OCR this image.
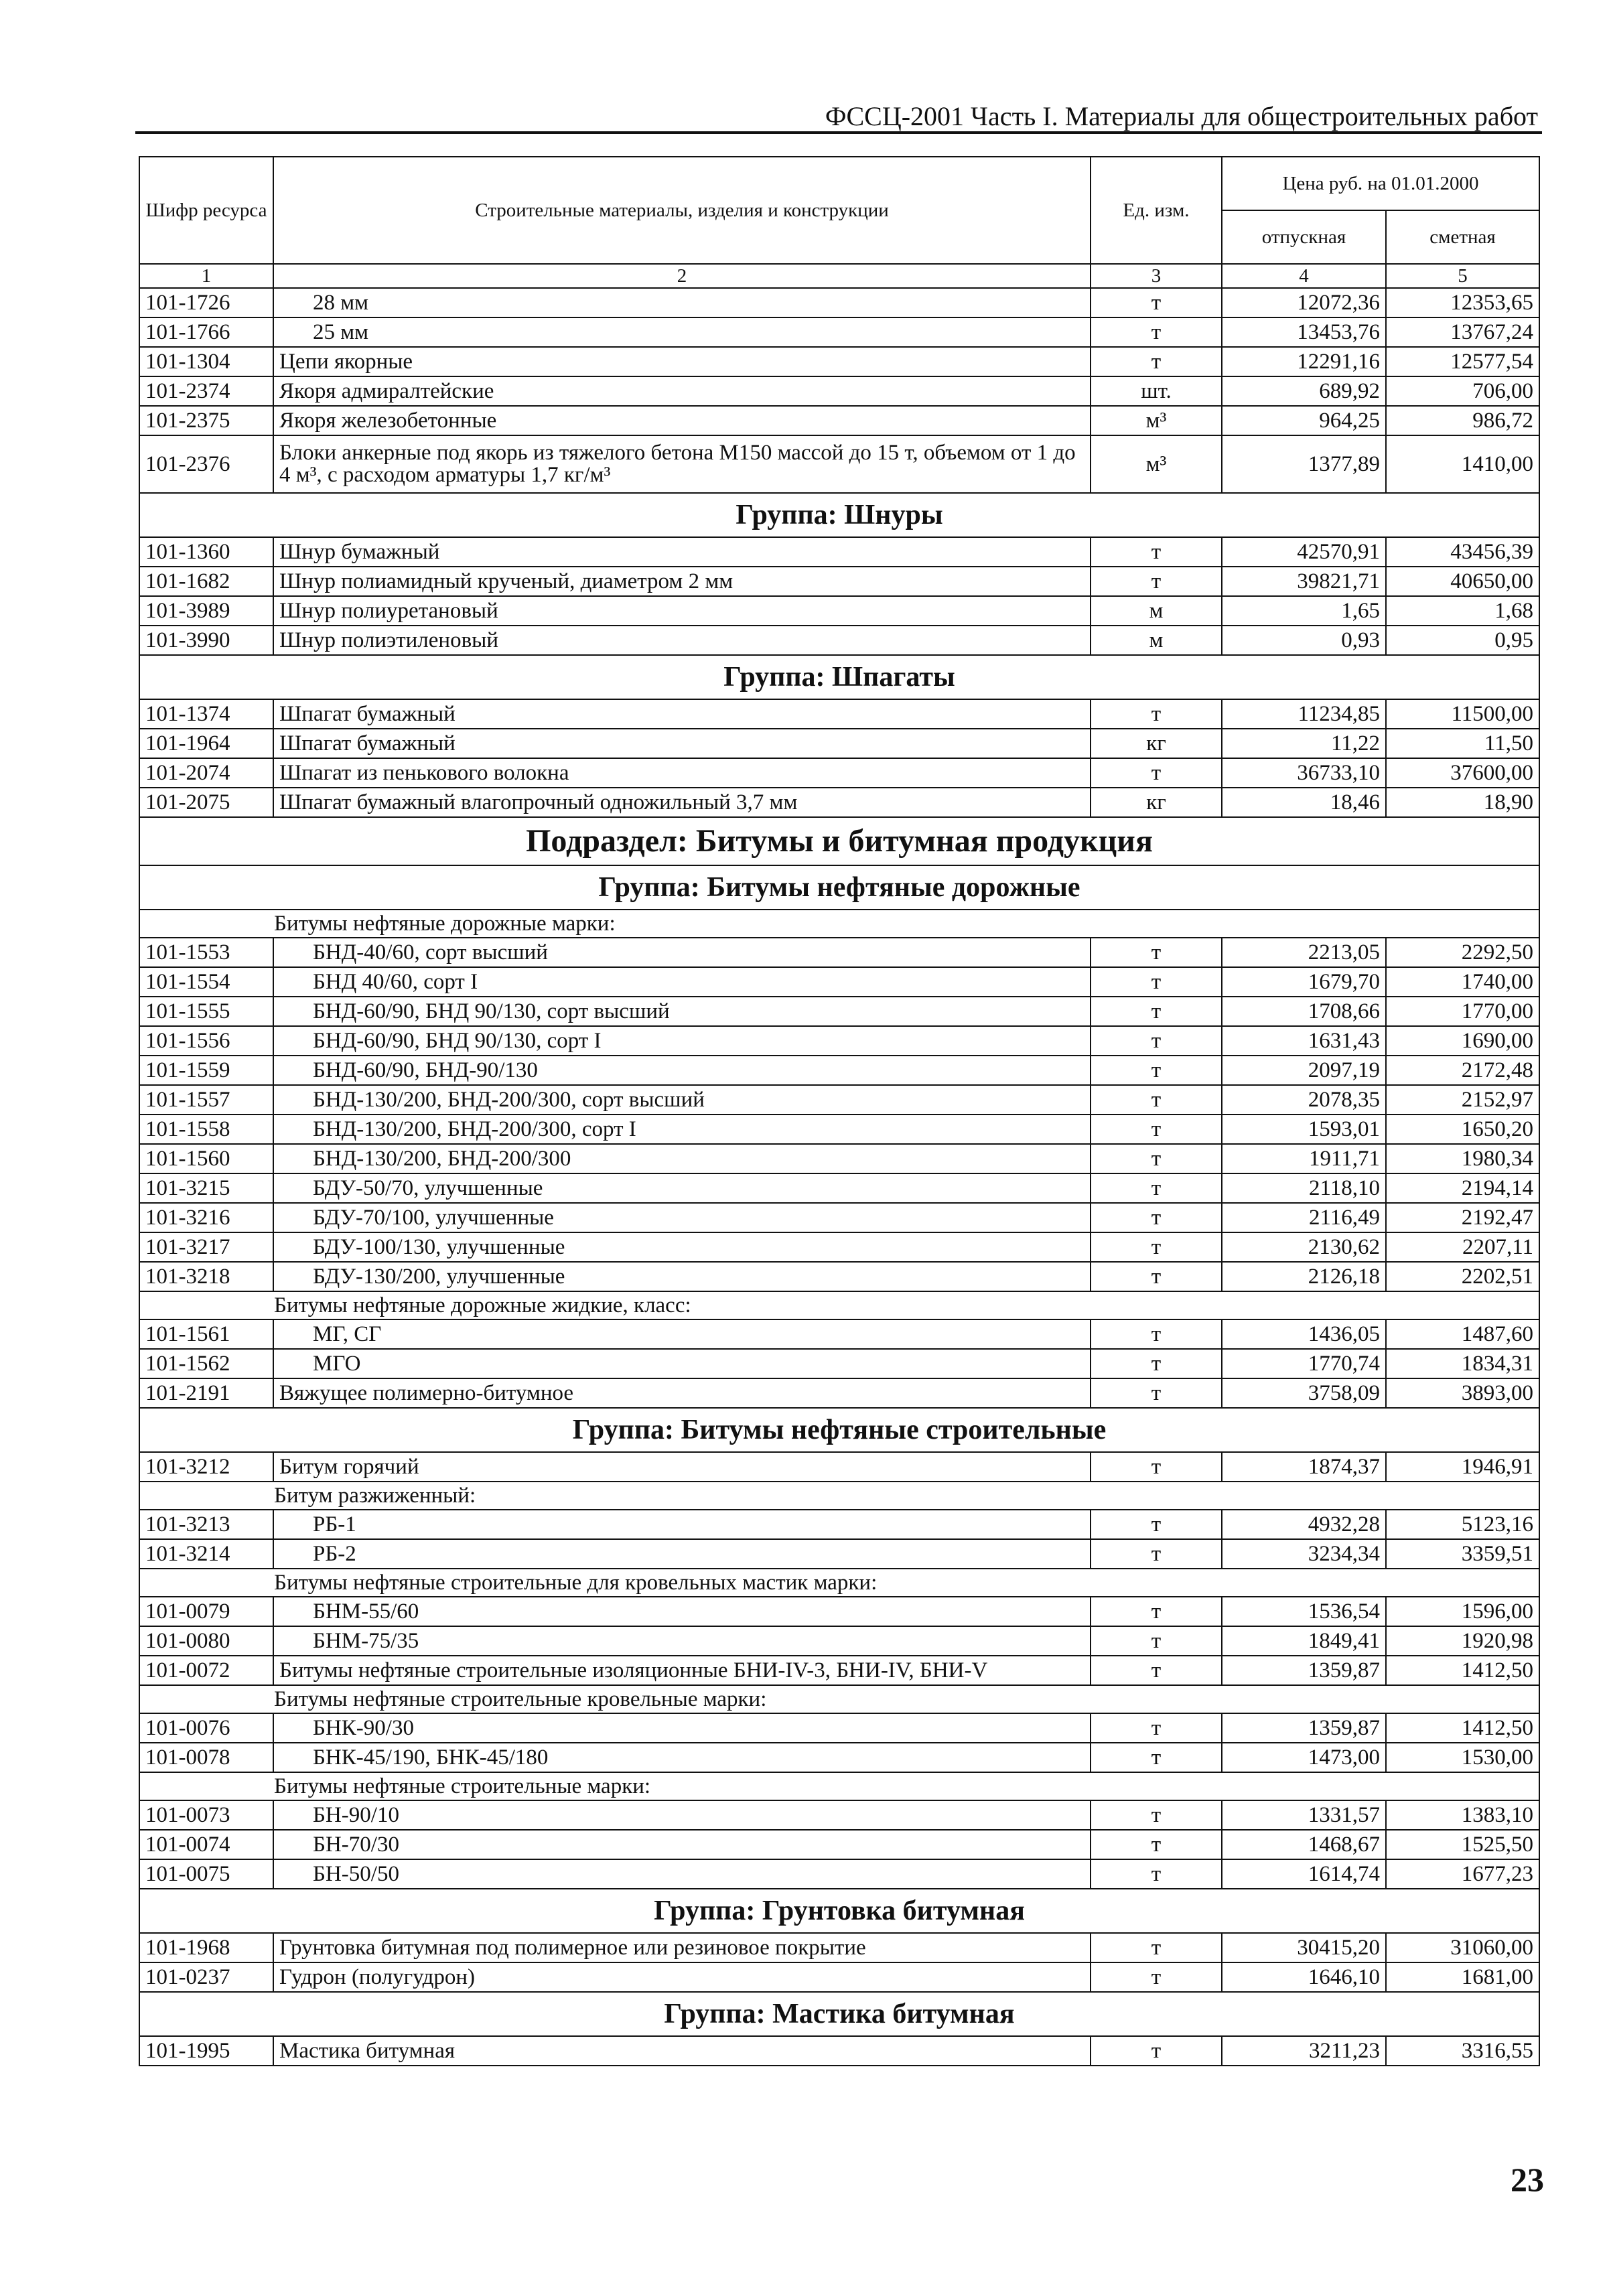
ФССЦ-2001 Часть I. Материалы для общестроительных работ
Шифр ресурса	Строительные материалы, изделия и конструкции	Ед. изм.	Цена руб. на 01.01.2000	
			отпускная	сметная
1	2	3	4	5
101-1726	28 мм	т	12072,36	12353,65
101-1766	25 мм	т	13453,76	13767,24
101-1304	Цепи якорные	т	12291,16	12577,54
101-2374	Якоря адмиралтейские	шт.	689,92	706,00
101-2375	Якоря железобетонные	м³	964,25	986,72
101-2376	Блоки анкерные под якорь из тяжелого бетона М150 массой до 15 т, объемом от 1 до 4 м³, с расходом арматуры 1,7 кг/м³	м³	1377,89	1410,00
Группа: Шнуры				
101-1360	Шнур бумажный	т	42570,91	43456,39
101-1682	Шнур полиамидный крученый, диаметром 2 мм	т	39821,71	40650,00
101-3989	Шнур полиуретановый	м	1,65	1,68
101-3990	Шнур полиэтиленовый	м	0,93	0,95
Группа: Шпагаты				
101-1374	Шпагат бумажный	т	11234,85	11500,00
101-1964	Шпагат бумажный	кг	11,22	11,50
101-2074	Шпагат из пенькового волокна	т	36733,10	37600,00
101-2075	Шпагат бумажный влагопрочный одножильный 3,7 мм	кг	18,46	18,90
Подраздел: Битумы и битумная продукция				
Группа: Битумы нефтяные дорожные				
Битумы нефтяные дорожные марки:				
101-1553	БНД-40/60, сорт высший	т	2213,05	2292,50
101-1554	БНД 40/60, сорт I	т	1679,70	1740,00
101-1555	БНД-60/90, БНД 90/130, сорт высший	т	1708,66	1770,00
101-1556	БНД-60/90, БНД 90/130, сорт I	т	1631,43	1690,00
101-1559	БНД-60/90, БНД-90/130	т	2097,19	2172,48
101-1557	БНД-130/200, БНД-200/300, сорт высший	т	2078,35	2152,97
101-1558	БНД-130/200, БНД-200/300, сорт I	т	1593,01	1650,20
101-1560	БНД-130/200, БНД-200/300	т	1911,71	1980,34
101-3215	БДУ-50/70, улучшенные	т	2118,10	2194,14
101-3216	БДУ-70/100, улучшенные	т	2116,49	2192,47
101-3217	БДУ-100/130, улучшенные	т	2130,62	2207,11
101-3218	БДУ-130/200, улучшенные	т	2126,18	2202,51
Битумы нефтяные дорожные жидкие, класс:				
101-1561	МГ, СГ	т	1436,05	1487,60
101-1562	МГО	т	1770,74	1834,31
101-2191	Вяжущее полимерно-битумное	т	3758,09	3893,00
Группа: Битумы нефтяные строительные				
101-3212	Битум горячий	т	1874,37	1946,91
Битум разжиженный:				
101-3213	РБ-1	т	4932,28	5123,16
101-3214	РБ-2	т	3234,34	3359,51
Битумы нефтяные строительные для кровельных мастик марки:				
101-0079	БНМ-55/60	т	1536,54	1596,00
101-0080	БНМ-75/35	т	1849,41	1920,98
101-0072	Битумы нефтяные строительные изоляционные БНИ-IV-3, БНИ-IV, БНИ-V	т	1359,87	1412,50
Битумы нефтяные строительные кровельные марки:				
101-0076	БНК-90/30	т	1359,87	1412,50
101-0078	БНК-45/190, БНК-45/180	т	1473,00	1530,00
Битумы нефтяные строительные марки:				
101-0073	БН-90/10	т	1331,57	1383,10
101-0074	БН-70/30	т	1468,67	1525,50
101-0075	БН-50/50	т	1614,74	1677,23
Группа: Грунтовка битумная				
101-1968	Грунтовка битумная под полимерное или резиновое покрытие	т	30415,20	31060,00
101-0237	Гудрон (полугудрон)	т	1646,10	1681,00
Группа: Мастика битумная				
101-1995	Мастика битумная	т	3211,23	3316,55
23
